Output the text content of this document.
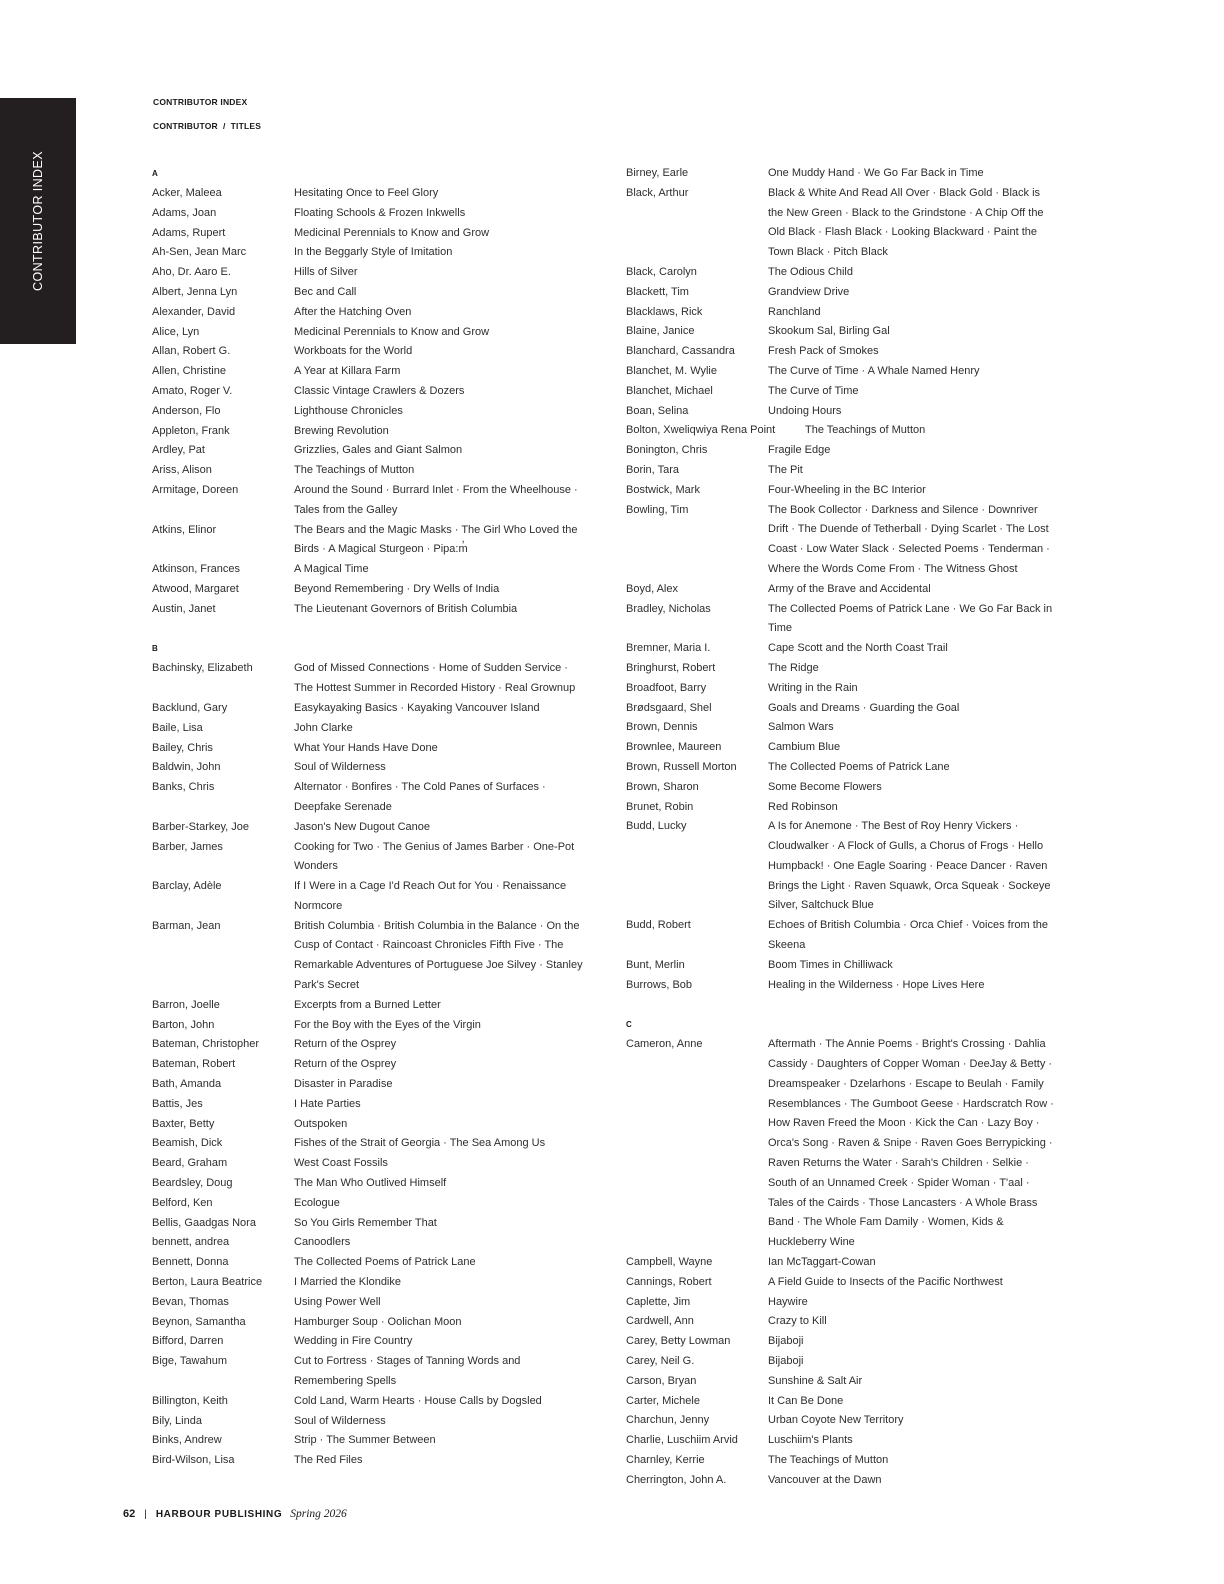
CONTRIBUTOR INDEX
CONTRIBUTOR INDEX
CONTRIBUTOR  /  TITLES
A
Acker, Maleea	Hesitating Once to Feel Glory
Adams, Joan	Floating Schools & Frozen Inkwells
Adams, Rupert	Medicinal Perennials to Know and Grow
Ah-Sen, Jean Marc	In the Beggarly Style of Imitation
Aho, Dr. Aaro E.	Hills of Silver
Albert, Jenna Lyn	Bec and Call
Alexander, David	After the Hatching Oven
Alice, Lyn	Medicinal Perennials to Know and Grow
Allan, Robert G.	Workboats for the World
Allen, Christine	A Year at Killara Farm
Amato, Roger V.	Classic Vintage Crawlers & Dozers
Anderson, Flo	Lighthouse Chronicles
Appleton, Frank	Brewing Revolution
Ardley, Pat	Grizzlies, Gales and Giant Salmon
Ariss, Alison	The Teachings of Mutton
Armitage, Doreen	Around the Sound · Burrard Inlet · From the Wheelhouse · Tales from the Galley
Atkins, Elinor	The Bears and the Magic Masks · The Girl Who Loved the Birds · A Magical Sturgeon · Pipa:m̓
Atkinson, Frances	A Magical Time
Atwood, Margaret	Beyond Remembering · Dry Wells of India
Austin, Janet	The Lieutenant Governors of British Columbia
B
Bachinsky, Elizabeth	God of Missed Connections · Home of Sudden Service · The Hottest Summer in Recorded History · Real Grownup
Backlund, Gary	Easykayaking Basics · Kayaking Vancouver Island
Baile, Lisa	John Clarke
Bailey, Chris	What Your Hands Have Done
Baldwin, John	Soul of Wilderness
Banks, Chris	Alternator · Bonfires · The Cold Panes of Surfaces · Deepfake Serenade
Barber-Starkey, Joe	Jason's New Dugout Canoe
Barber, James	Cooking for Two · The Genius of James Barber · One-Pot Wonders
Barclay, Adèle	If I Were in a Cage I'd Reach Out for You · Renaissance Normcore
Barman, Jean	British Columbia · British Columbia in the Balance · On the Cusp of Contact · Raincoast Chronicles Fifth Five · The Remarkable Adventures of Portuguese Joe Silvey · Stanley Park's Secret
Barron, Joelle	Excerpts from a Burned Letter
Barton, John	For the Boy with the Eyes of the Virgin
Bateman, Christopher	Return of the Osprey
Bateman, Robert	Return of the Osprey
Bath, Amanda	Disaster in Paradise
Battis, Jes	I Hate Parties
Baxter, Betty	Outspoken
Beamish, Dick	Fishes of the Strait of Georgia · The Sea Among Us
Beard, Graham	West Coast Fossils
Beardsley, Doug	The Man Who Outlived Himself
Belford, Ken	Ecologue
Bellis, Gaadgas Nora	So You Girls Remember That
bennett, andrea	Canoodlers
Bennett, Donna	The Collected Poems of Patrick Lane
Berton, Laura Beatrice	I Married the Klondike
Bevan, Thomas	Using Power Well
Beynon, Samantha	Hamburger Soup · Oolichan Moon
Bifford, Darren	Wedding in Fire Country
Bige, Tawahum	Cut to Fortress · Stages of Tanning Words and Remembering Spells
Billington, Keith	Cold Land, Warm Hearts · House Calls by Dogsled
Bily, Linda	Soul of Wilderness
Binks, Andrew	Strip · The Summer Between
Bird-Wilson, Lisa	The Red Files
Birney, Earle	One Muddy Hand · We Go Far Back in Time
Black, Arthur	Black & White And Read All Over · Black Gold · Black is the New Green · Black to the Grindstone · A Chip Off the Old Black · Flash Black · Looking Blackward · Paint the Town Black · Pitch Black
Black, Carolyn	The Odious Child
Blackett, Tim	Grandview Drive
Blacklaws, Rick	Ranchland
Blaine, Janice	Skookum Sal, Birling Gal
Blanchard, Cassandra	Fresh Pack of Smokes
Blanchet, M. Wylie	The Curve of Time · A Whale Named Henry
Blanchet, Michael	The Curve of Time
Boan, Selina	Undoing Hours
Bolton, Xweliqwiya Rena Point	The Teachings of Mutton
Bonington, Chris	Fragile Edge
Borin, Tara	The Pit
Bostwick, Mark	Four-Wheeling in the BC Interior
Bowling, Tim	The Book Collector · Darkness and Silence · Downriver Drift · The Duende of Tetherball · Dying Scarlet · The Lost Coast · Low Water Slack · Selected Poems · Tenderman · Where the Words Come From · The Witness Ghost
Boyd, Alex	Army of the Brave and Accidental
Bradley, Nicholas	The Collected Poems of Patrick Lane · We Go Far Back in Time
Bremner, Maria I.	Cape Scott and the North Coast Trail
Bringhurst, Robert	The Ridge
Broadfoot, Barry	Writing in the Rain
Brødsgaard, Shel	Goals and Dreams · Guarding the Goal
Brown, Dennis	Salmon Wars
Brownlee, Maureen	Cambium Blue
Brown, Russell Morton	The Collected Poems of Patrick Lane
Brown, Sharon	Some Become Flowers
Brunet, Robin	Red Robinson
Budd, Lucky	A Is for Anemone · The Best of Roy Henry Vickers · Cloudwalker · A Flock of Gulls, a Chorus of Frogs · Hello Humpback! · One Eagle Soaring · Peace Dancer · Raven Brings the Light · Raven Squawk, Orca Squeak · Sockeye Silver, Saltchuck Blue
Budd, Robert	Echoes of British Columbia · Orca Chief · Voices from the Skeena
Bunt, Merlin	Boom Times in Chilliwack
Burrows, Bob	Healing in the Wilderness · Hope Lives Here
C
Cameron, Anne	Aftermath · The Annie Poems · Bright's Crossing · Dahlia Cassidy · Daughters of Copper Woman · DeeJay & Betty · Dreamspeaker · Dzelarhons · Escape to Beulah · Family Resemblances · The Gumboot Geese · Hardscratch Row · How Raven Freed the Moon · Kick the Can · Lazy Boy · Orca's Song · Raven & Snipe · Raven Goes Berrypicking · Raven Returns the Water · Sarah's Children · Selkie · South of an Unnamed Creek · Spider Woman · T'aal · Tales of the Cairds · Those Lancasters · A Whole Brass Band · The Whole Fam Damily · Women, Kids & Huckleberry Wine
Campbell, Wayne	Ian McTaggart-Cowan
Cannings, Robert	A Field Guide to Insects of the Pacific Northwest
Caplette, Jim	Haywire
Cardwell, Ann	Crazy to Kill
Carey, Betty Lowman	Bijaboji
Carey, Neil G.	Bijaboji
Carson, Bryan	Sunshine & Salt Air
Carter, Michele	It Can Be Done
Charchun, Jenny	Urban Coyote New Territory
Charlie, Luschiim Arvid	Luschiim's Plants
Charnley, Kerrie	The Teachings of Mutton
Cherrington, John A.	Vancouver at the Dawn
62 | HARBOUR PUBLISHING Spring 2026
